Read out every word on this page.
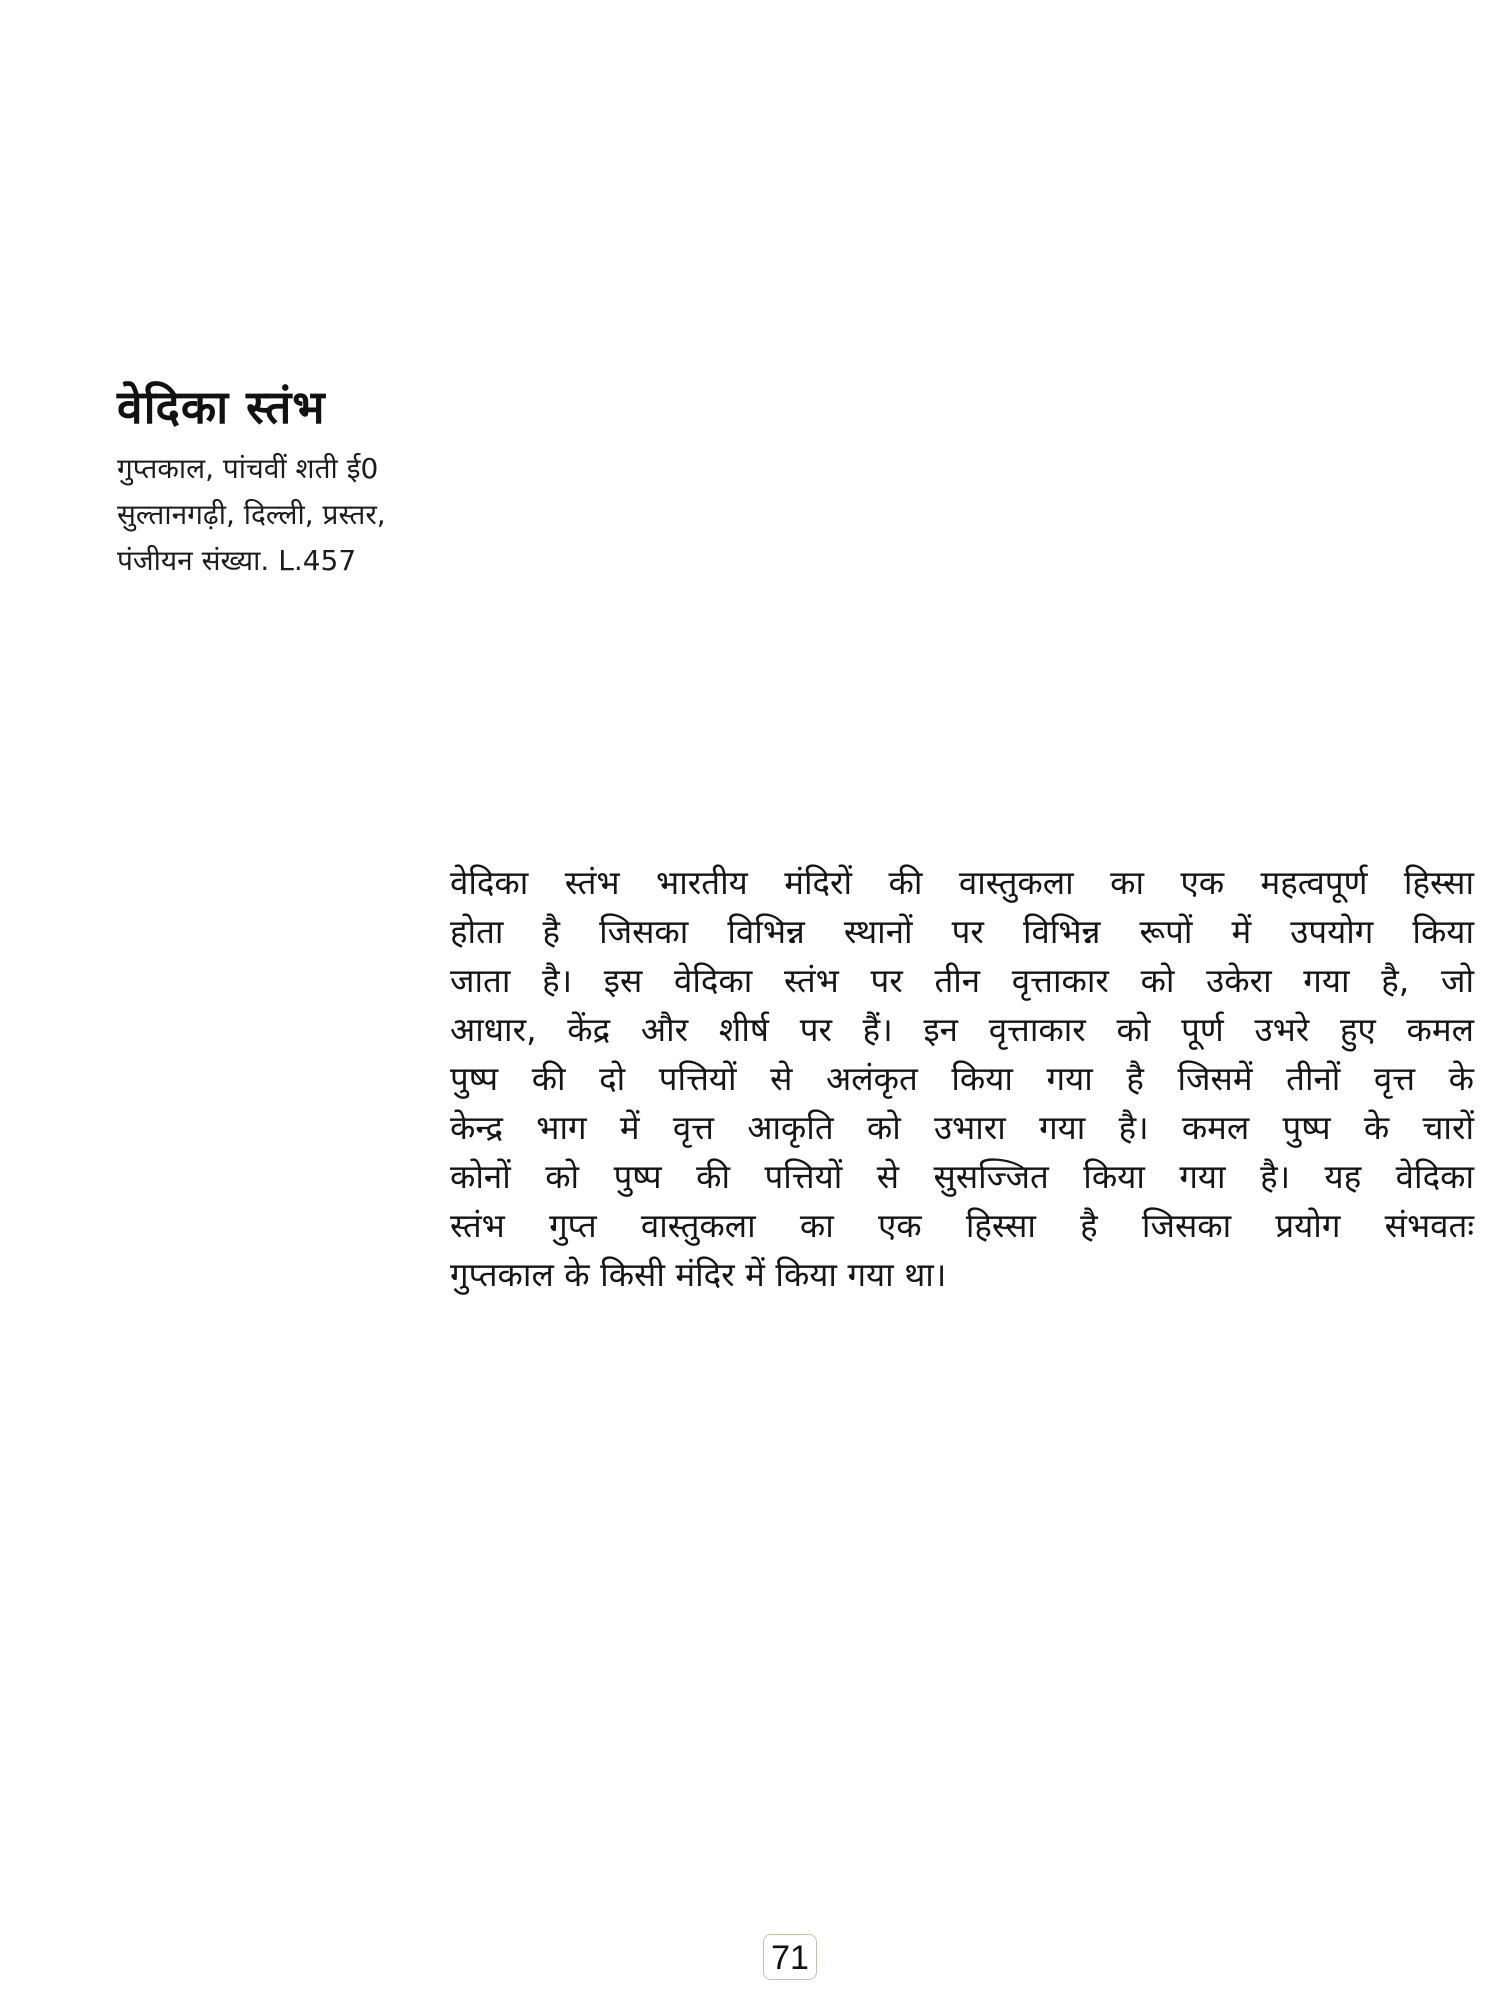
वेदिका स्तंभ
गुप्तकाल, पांचवीं शती ई0
सुल्तानगढ़ी, दिल्ली, प्रस्तर,
पंजीयन संख्या. L.457
वेदिका स्तंभ भारतीय मंदिरों की वास्तुकला का एक महत्वपूर्ण हिस्सा
होता है जिसका विभिन्न स्थानों पर विभिन्न रूपों में उपयोग किया
जाता है। इस वेदिका स्तंभ पर तीन वृत्ताकार को उकेरा गया है, जो
आधार, केंद्र और शीर्ष पर हैं। इन वृत्ताकार को पूर्ण उभरे हुए कमल
पुष्प की दो पत्तियों से अलंकृत किया गया है जिसमें तीनों वृत्त के
केन्द्र भाग में वृत्त आकृति को उभारा गया है। कमल पुष्प के चारों
कोनों को पुष्प की पत्तियों से सुसज्जित किया गया है। यह वेदिका
स्तंभ गुप्त वास्तुकला का एक हिस्सा है जिसका प्रयोग संभवतः
गुप्तकाल के किसी मंदिर में किया गया था।
71
